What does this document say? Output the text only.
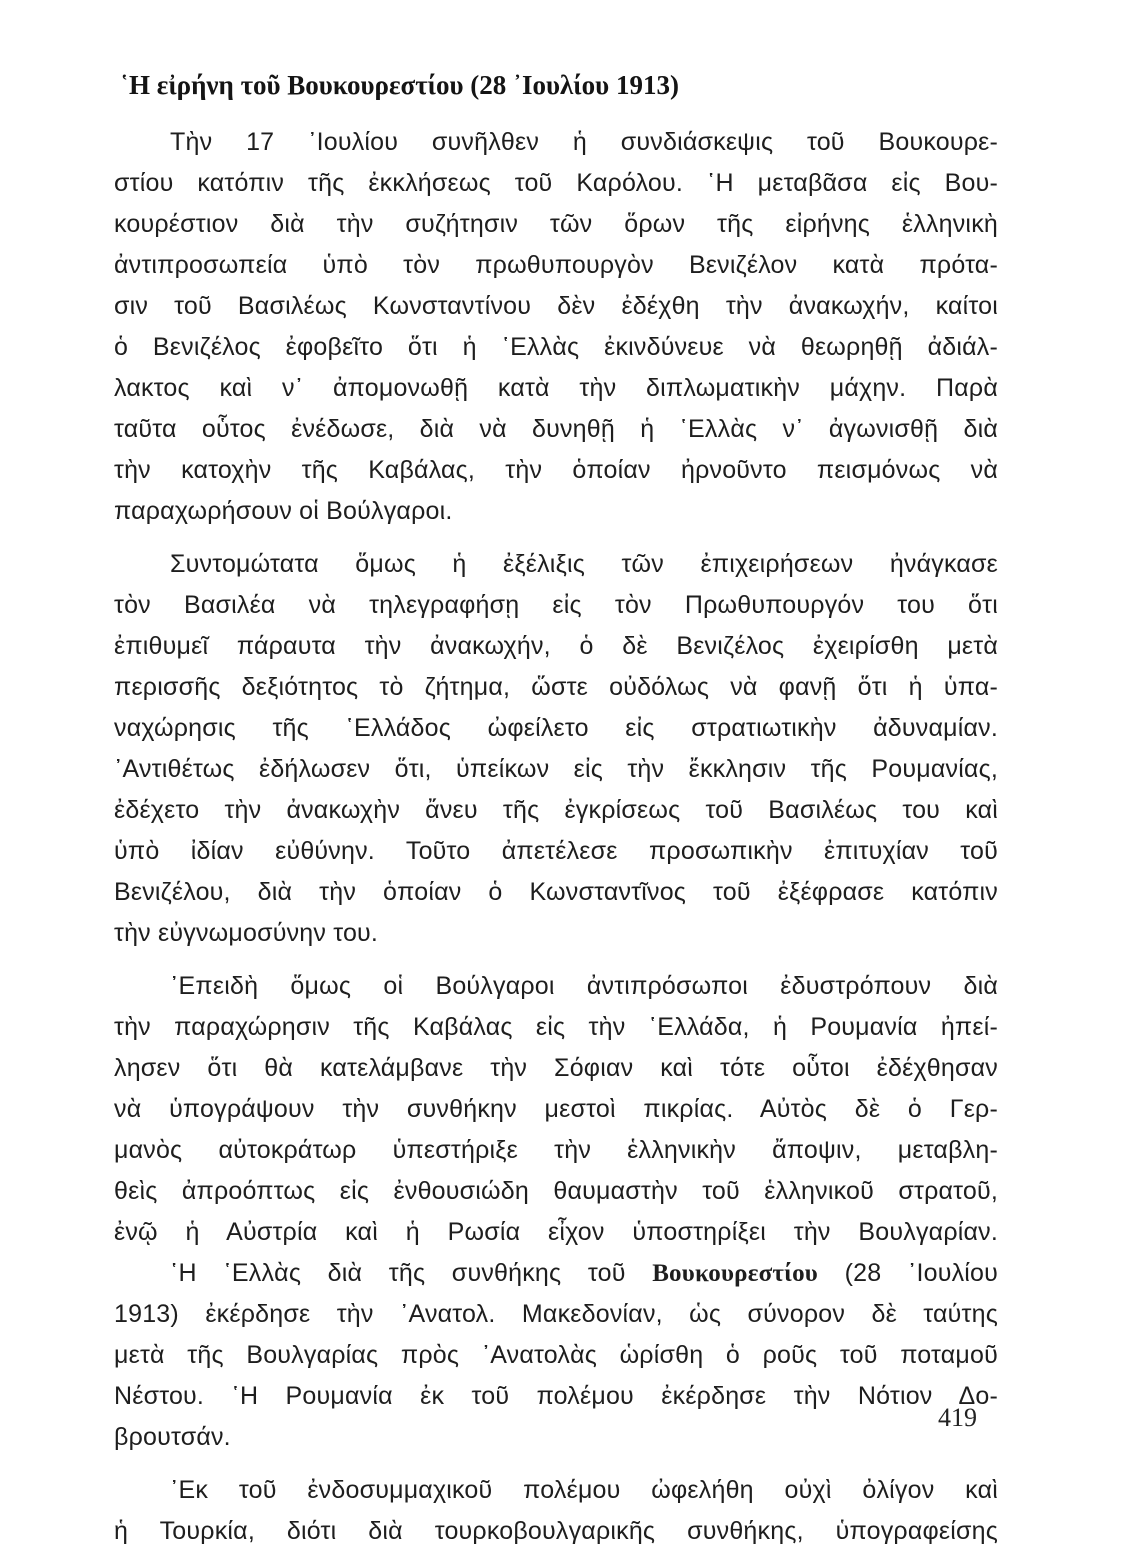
῾Η εἰρήνη τοῦ Βουκουρεστίου (28 ᾿Ιουλίου 1913)
Τὴν 17 ᾿Ιουλίου συνῆλθεν ἡ συνδιάσκεψις τοῦ Βουκουρε-
στίου κατόπιν τῆς ἐκκλήσεως τοῦ Καρόλου. ῾Η μεταβᾶσα εἰς Βου-
κουρέστιον διὰ τὴν συζήτησιν τῶν ὅρων τῆς εἰρήνης ἑλληνικὴ
ἀντιπροσωπεία ὑπὸ τὸν πρωθυπουργὸν Βενιζέλον κατὰ πρότα-
σιν τοῦ Βασιλέως Κωνσταντίνου δὲν ἐδέχθη τὴν ἀνακωχήν, καίτοι
ὁ Βενιζέλος ἐφοβεῖτο ὅτι ἡ ῾Ελλὰς ἐκινδύνευε νὰ θεωρηθῇ ἀδιάλ-
λακτος καὶ ν᾿ ἀπομονωθῇ κατὰ τὴν διπλωματικὴν μάχην. Παρὰ
ταῦτα οὗτος ἐνέδωσε, διὰ νὰ δυνηθῇ ἡ ῾Ελλὰς ν᾿ ἀγωνισθῇ διὰ
τὴν κατοχὴν τῆς Καβάλας, τὴν ὁποίαν ἠρνοῦντο πεισμόνως νὰ
παραχωρήσουν οἱ Βούλγαροι.
Συντομώτατα ὅμως ἡ ἐξέλιξις τῶν ἐπιχειρήσεων ἠνάγκασε
τὸν Βασιλέα νὰ τηλεγραφήσῃ εἰς τὸν Πρωθυπουργόν του ὅτι
ἐπιθυμεῖ πάραυτα τὴν ἀνακωχήν, ὁ δὲ Βενιζέλος ἐχειρίσθη μετὰ
περισσῆς δεξιότητος τὸ ζήτημα, ὥστε οὐδόλως νὰ φανῇ ὅτι ἡ ὑπα-
ναχώρησις τῆς ῾Ελλάδος ὠφείλετο εἰς στρατιωτικὴν ἀδυναμίαν.
᾿Αντιθέτως ἐδήλωσεν ὅτι, ὑπείκων εἰς τὴν ἔκκλησιν τῆς Ρουμανίας,
ἐδέχετο τὴν ἀνακωχὴν ἄνευ τῆς ἐγκρίσεως τοῦ Βασιλέως του καὶ
ὑπὸ ἰδίαν εὐθύνην. Τοῦτο ἀπετέλεσε προσωπικὴν ἐπιτυχίαν τοῦ
Βενιζέλου, διὰ τὴν ὁποίαν ὁ Κωνσταντῖνος τοῦ ἐξέφρασε κατόπιν
τὴν εὐγνωμοσύνην του.
᾿Επειδὴ ὅμως οἱ Βούλγαροι ἀντιπρόσωποι ἐδυστρόπουν διὰ
τὴν παραχώρησιν τῆς Καβάλας εἰς τὴν ῾Ελλάδα, ἡ Ρουμανία ἠπεί-
λησεν ὅτι θὰ κατελάμβανε τὴν Σόφιαν καὶ τότε οὗτοι ἐδέχθησαν
νὰ ὑπογράψουν τὴν συνθήκην μεστοὶ πικρίας. Αὐτὸς δὲ ὁ Γερ-
μανὸς αὐτοκράτωρ ὑπεστήριξε τὴν ἑλληνικὴν ἄποψιν, μεταβλη-
θεὶς ἀπροόπτως εἰς ἐνθουσιώδη θαυμαστὴν τοῦ ἑλληνικοῦ στρατοῦ,
ἐνῷ ἡ Αὐστρία καὶ ἡ Ρωσία εἶχον ὑποστηρίξει τὴν Βουλγαρίαν.
῾Η ῾Ελλὰς διὰ τῆς συνθήκης τοῦ Βουκουρεστίου (28 ᾿Ιουλίου
1913) ἐκέρδησε τὴν ᾿Ανατολ. Μακεδονίαν, ὡς σύνορον δὲ ταύτης
μετὰ τῆς Βουλγαρίας πρὸς ᾿Ανατολὰς ὡρίσθη ὁ ροῦς τοῦ ποταμοῦ
Νέστου. ῾Η Ρουμανία ἐκ τοῦ πολέμου ἐκέρδησε τὴν Νότιον Δο-
βρουτσάν.
᾿Εκ τοῦ ἐνδοσυμμαχικοῦ πολέμου ὠφελήθη οὐχὶ ὀλίγον καὶ
ἡ Τουρκία, διότι διὰ τουρκοβουλγαρικῆς συνθήκης, ὑπογραφείσης
419
